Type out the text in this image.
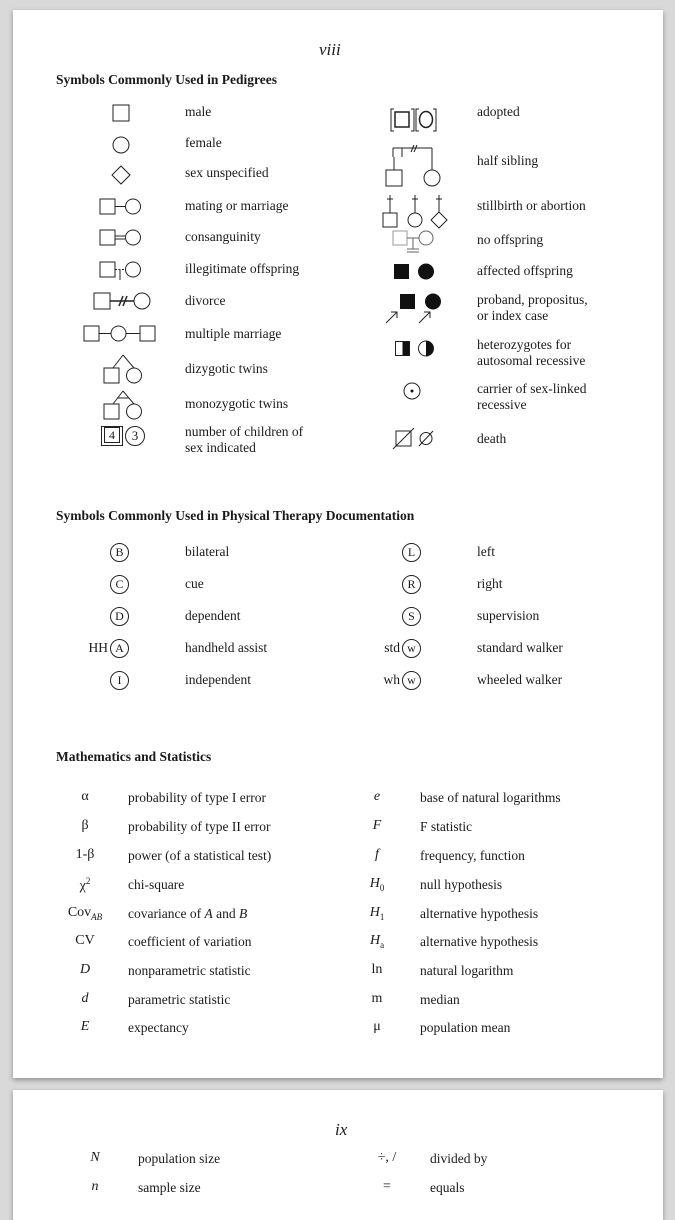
viii
Symbols Commonly Used in Pedigrees
male
female
sex unspecified
mating or marriage
consanguinity
illegitimate offspring
divorce
multiple marriage
dizygotic twins
monozygotic twins
4	3	number of children of
sex indicated
adopted
half sibling
stillbirth or abortion
no offspring
affected offspring
proband, propositus,
or index case
heterozygotes for
autosomal recessive
carrier of sex-linked
recessive
death
Symbols Commonly Used in Physical Therapy Documentation
B	bilateral
C	cue
D	dependent
HH A	handheld assist
I	independent
L	left
R	right
S	supervision
std w	standard walker
wh w	wheeled walker
Mathematics and Statistics
α	probability of type I error
β	probability of type II error
1-β	power (of a statistical test)
$\chi^2$	chi-square
Cov$_{AB}$	covariance of A and B
CV	coefficient of variation
D	nonparametric statistic
d	parametric statistic
E	expectancy
e	base of natural logarithms
F	F statistic
f	frequency, function
$H_0$	null hypothesis
$H_1$	alternative hypothesis
$H_a$	alternative hypothesis
ln	natural logarithm
m	median
μ	population mean
ix
N	population size
n	sample size
÷, /	divided by
=	equals
